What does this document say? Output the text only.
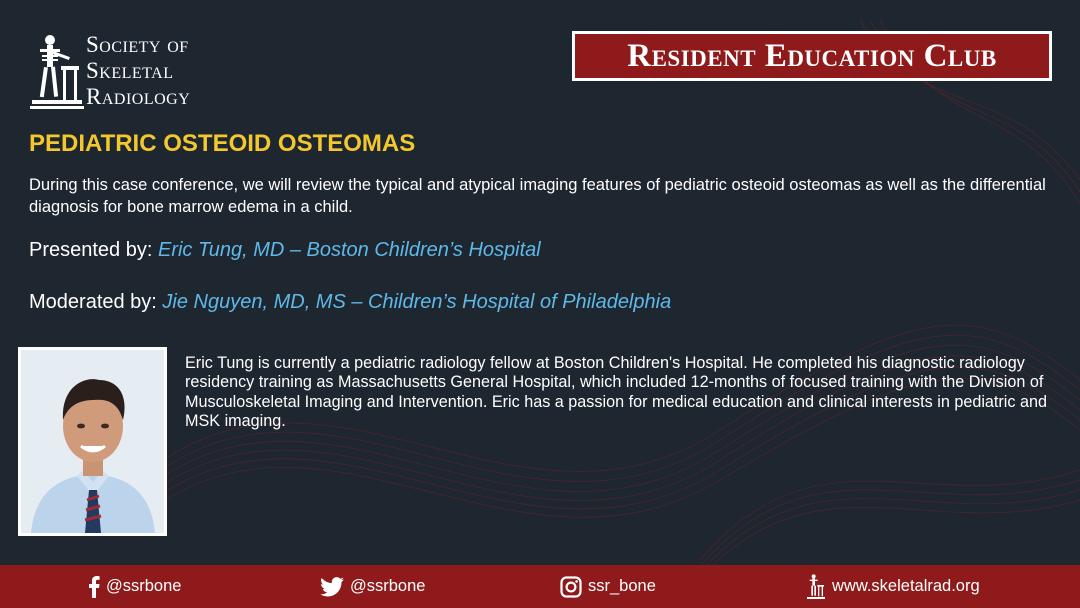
Society of
Skeletal
Radiology
Resident Education Club
PEDIATRIC OSTEOID OSTEOMAS
During this case conference, we will review the typical and atypical imaging features of pediatric osteoid osteomas as well as the differential diagnosis for bone marrow edema in a child.
Presented by: Eric Tung, MD – Boston Children’s Hospital
Moderated by: Jie Nguyen, MD, MS – Children’s Hospital of Philadelphia
Eric Tung is currently a pediatric radiology fellow at Boston Children's Hospital. He completed his diagnostic radiology residency training as Massachusetts General Hospital, which included 12-months of focused training with the Division of Musculoskeletal Imaging and Intervention. Eric has a passion for medical education and clinical interests in pediatric and MSK imaging.
@ssrbone	@ssrbone	ssr_bone	www.skeletalrad.org
